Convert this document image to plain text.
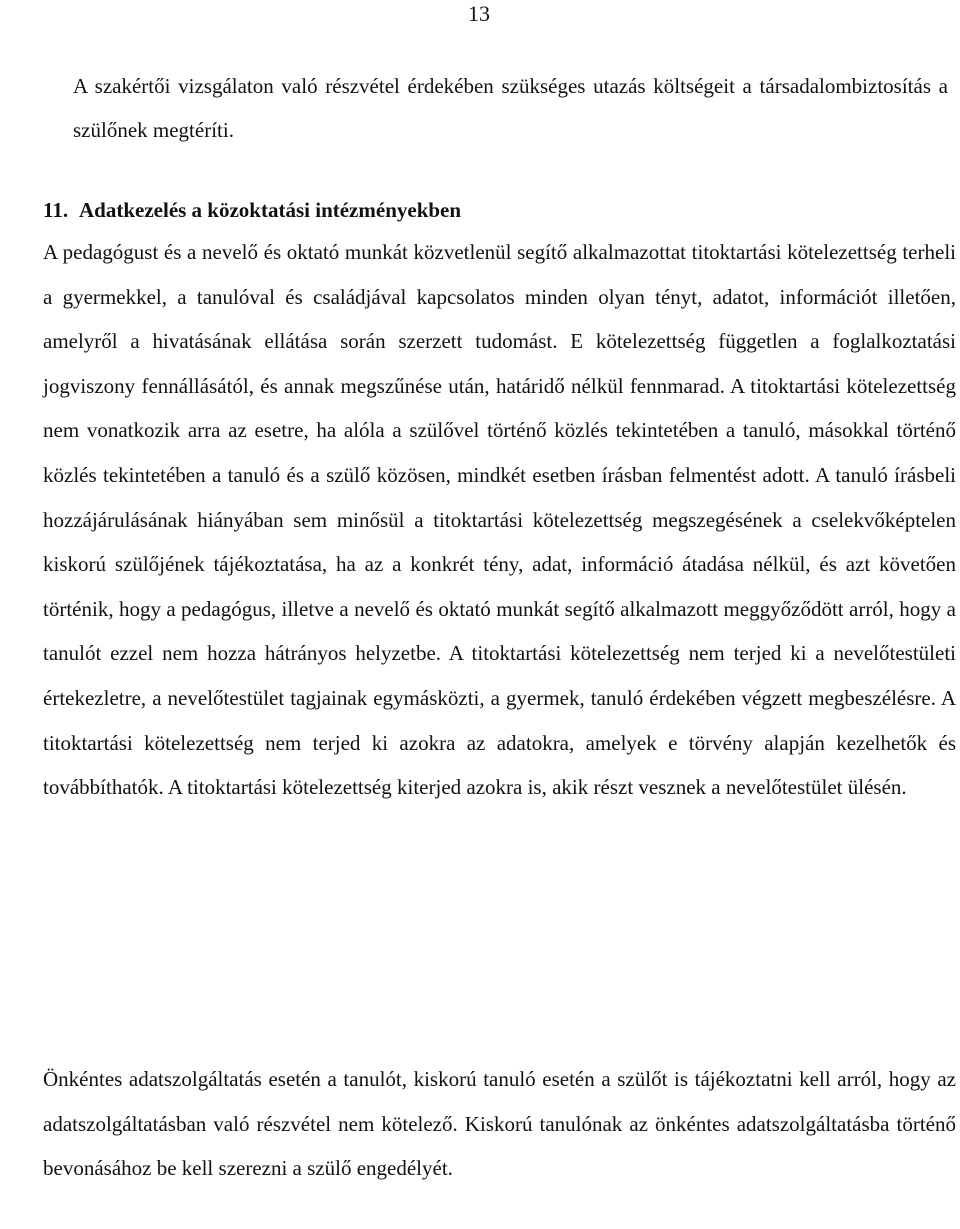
13

A szakértői vizsgálaton való részvétel érdekében szükséges utazás költségeit a társadalombiztosítás a szülőnek megtéríti.

11. Adatkezelés a közoktatási intézményekben

A pedagógust és a nevelő és oktató munkát közvetlenül segítő alkalmazottat titoktartási kötelezettség terheli a gyermekkel, a tanulóval és családjával kapcsolatos minden olyan tényt, adatot, információt illetően, amelyről a hivatásának ellátása során szerzett tudomást. E kötelezettség független a foglalkoztatási jogviszony fennállásától, és annak megszűnése után, határidő nélkül fennmarad. A titoktartási kötelezettség nem vonatkozik arra az esetre, ha alóla a szülővel történő közlés tekintetében a tanuló, másokkal történő közlés tekintetében a tanuló és a szülő közösen, mindkét esetben írásban felmentést adott. A tanuló írásbeli hozzájárulásának hiányában sem minősül a titoktartási kötelezettség megszegésének a cselekvőképtelen kiskorú szülőjének tájékoztatása, ha az a konkrét tény, adat, információ átadása nélkül, és azt követően történik, hogy a pedagógus, illetve a nevelő és oktató munkát segítő alkalmazott meggyőződött arról, hogy a tanulót ezzel nem hozza hátrányos helyzetbe. A titoktartási kötelezettség nem terjed ki a nevelőtestületi értekezletre, a nevelőtestület tagjainak egymásközti, a gyermek, tanuló érdekében végzett megbeszélésre. A titoktartási kötelezettség nem terjed ki azokra az adatokra, amelyek e törvény alapján kezelhetők és továbbíthatók. A titoktartási kötelezettség kiterjed azokra is, akik részt vesznek a nevelőtestület ülésén.

Önkéntes adatszolgáltatás esetén a tanulót, kiskorú tanuló esetén a szülőt is tájékoztatni kell arról, hogy az adatszolgáltatásban való részvétel nem kötelező. Kiskorú tanulónak az önkéntes adatszolgáltatásba történő bevonásához be kell szerezni a szülő engedélyét.
